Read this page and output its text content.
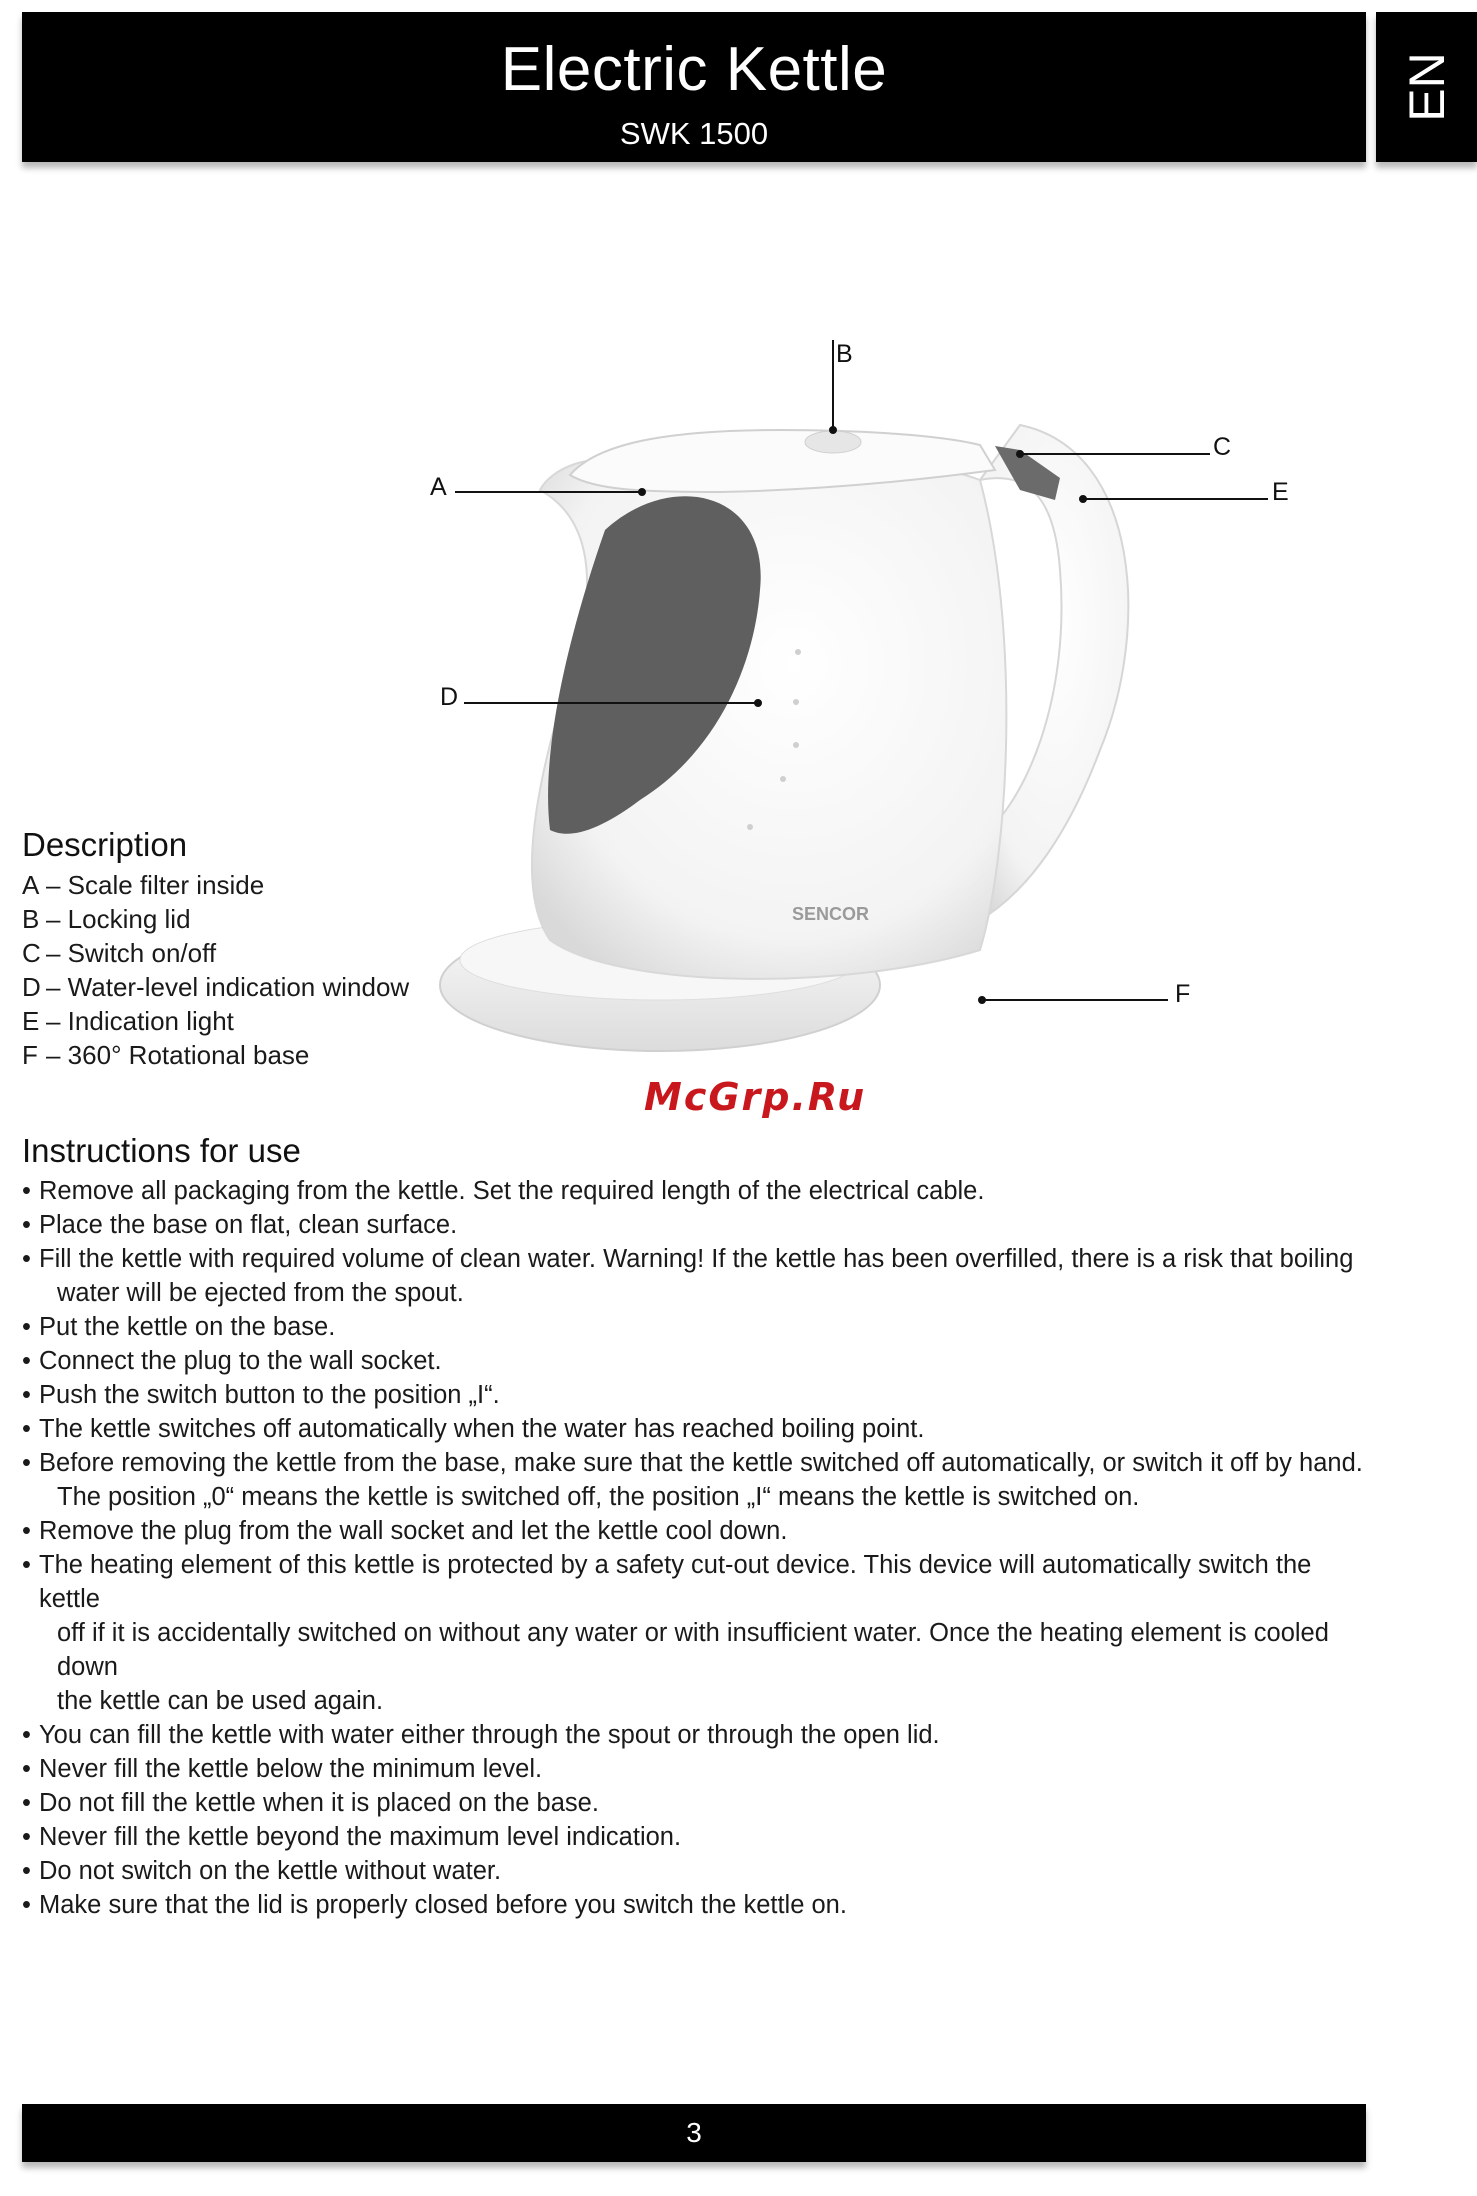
Electric Kettle
SWK 1500
EN
SENCOR
B
C
A	E
D
F
Description
A – Scale filter inside
B – Locking lid
C – Switch on/off
D – Water-level indication window
E – Indication light
F – 360° Rotational base
McGrp.Ru
Instructions for use
• Remove all packaging from the kettle. Set the required length of the electrical cable.
• Place the base on flat, clean surface.
• Fill the kettle with required volume of clean water. Warning! If the kettle has been overfilled, there is a risk that boiling
water will be ejected from the spout.
• Put the kettle on the base.
• Connect the plug to the wall socket.
• Push the switch button to the position „I“.
• The kettle switches off automatically when the water has reached boiling point.
• Before removing the kettle from the base, make sure that the kettle switched off automatically, or switch it off by hand.
The position „0“ means the kettle is switched off, the position „I“ means the kettle is switched on.
• Remove the plug from the wall socket and let the kettle cool down.
• The heating element of this kettle is protected by a safety cut-out device. This device will automatically switch the kettle
off if it is accidentally switched on without any water or with insufficient water. Once the heating element is cooled down
the kettle can be used again.
• You can fill the kettle with water either through the spout or through the open lid.
• Never fill the kettle below the minimum level.
• Do not fill the kettle when it is placed on the base.
• Never fill the kettle beyond the maximum level indication.
• Do not switch on the kettle without water.
• Make sure that the lid is properly closed before you switch the kettle on.
3
